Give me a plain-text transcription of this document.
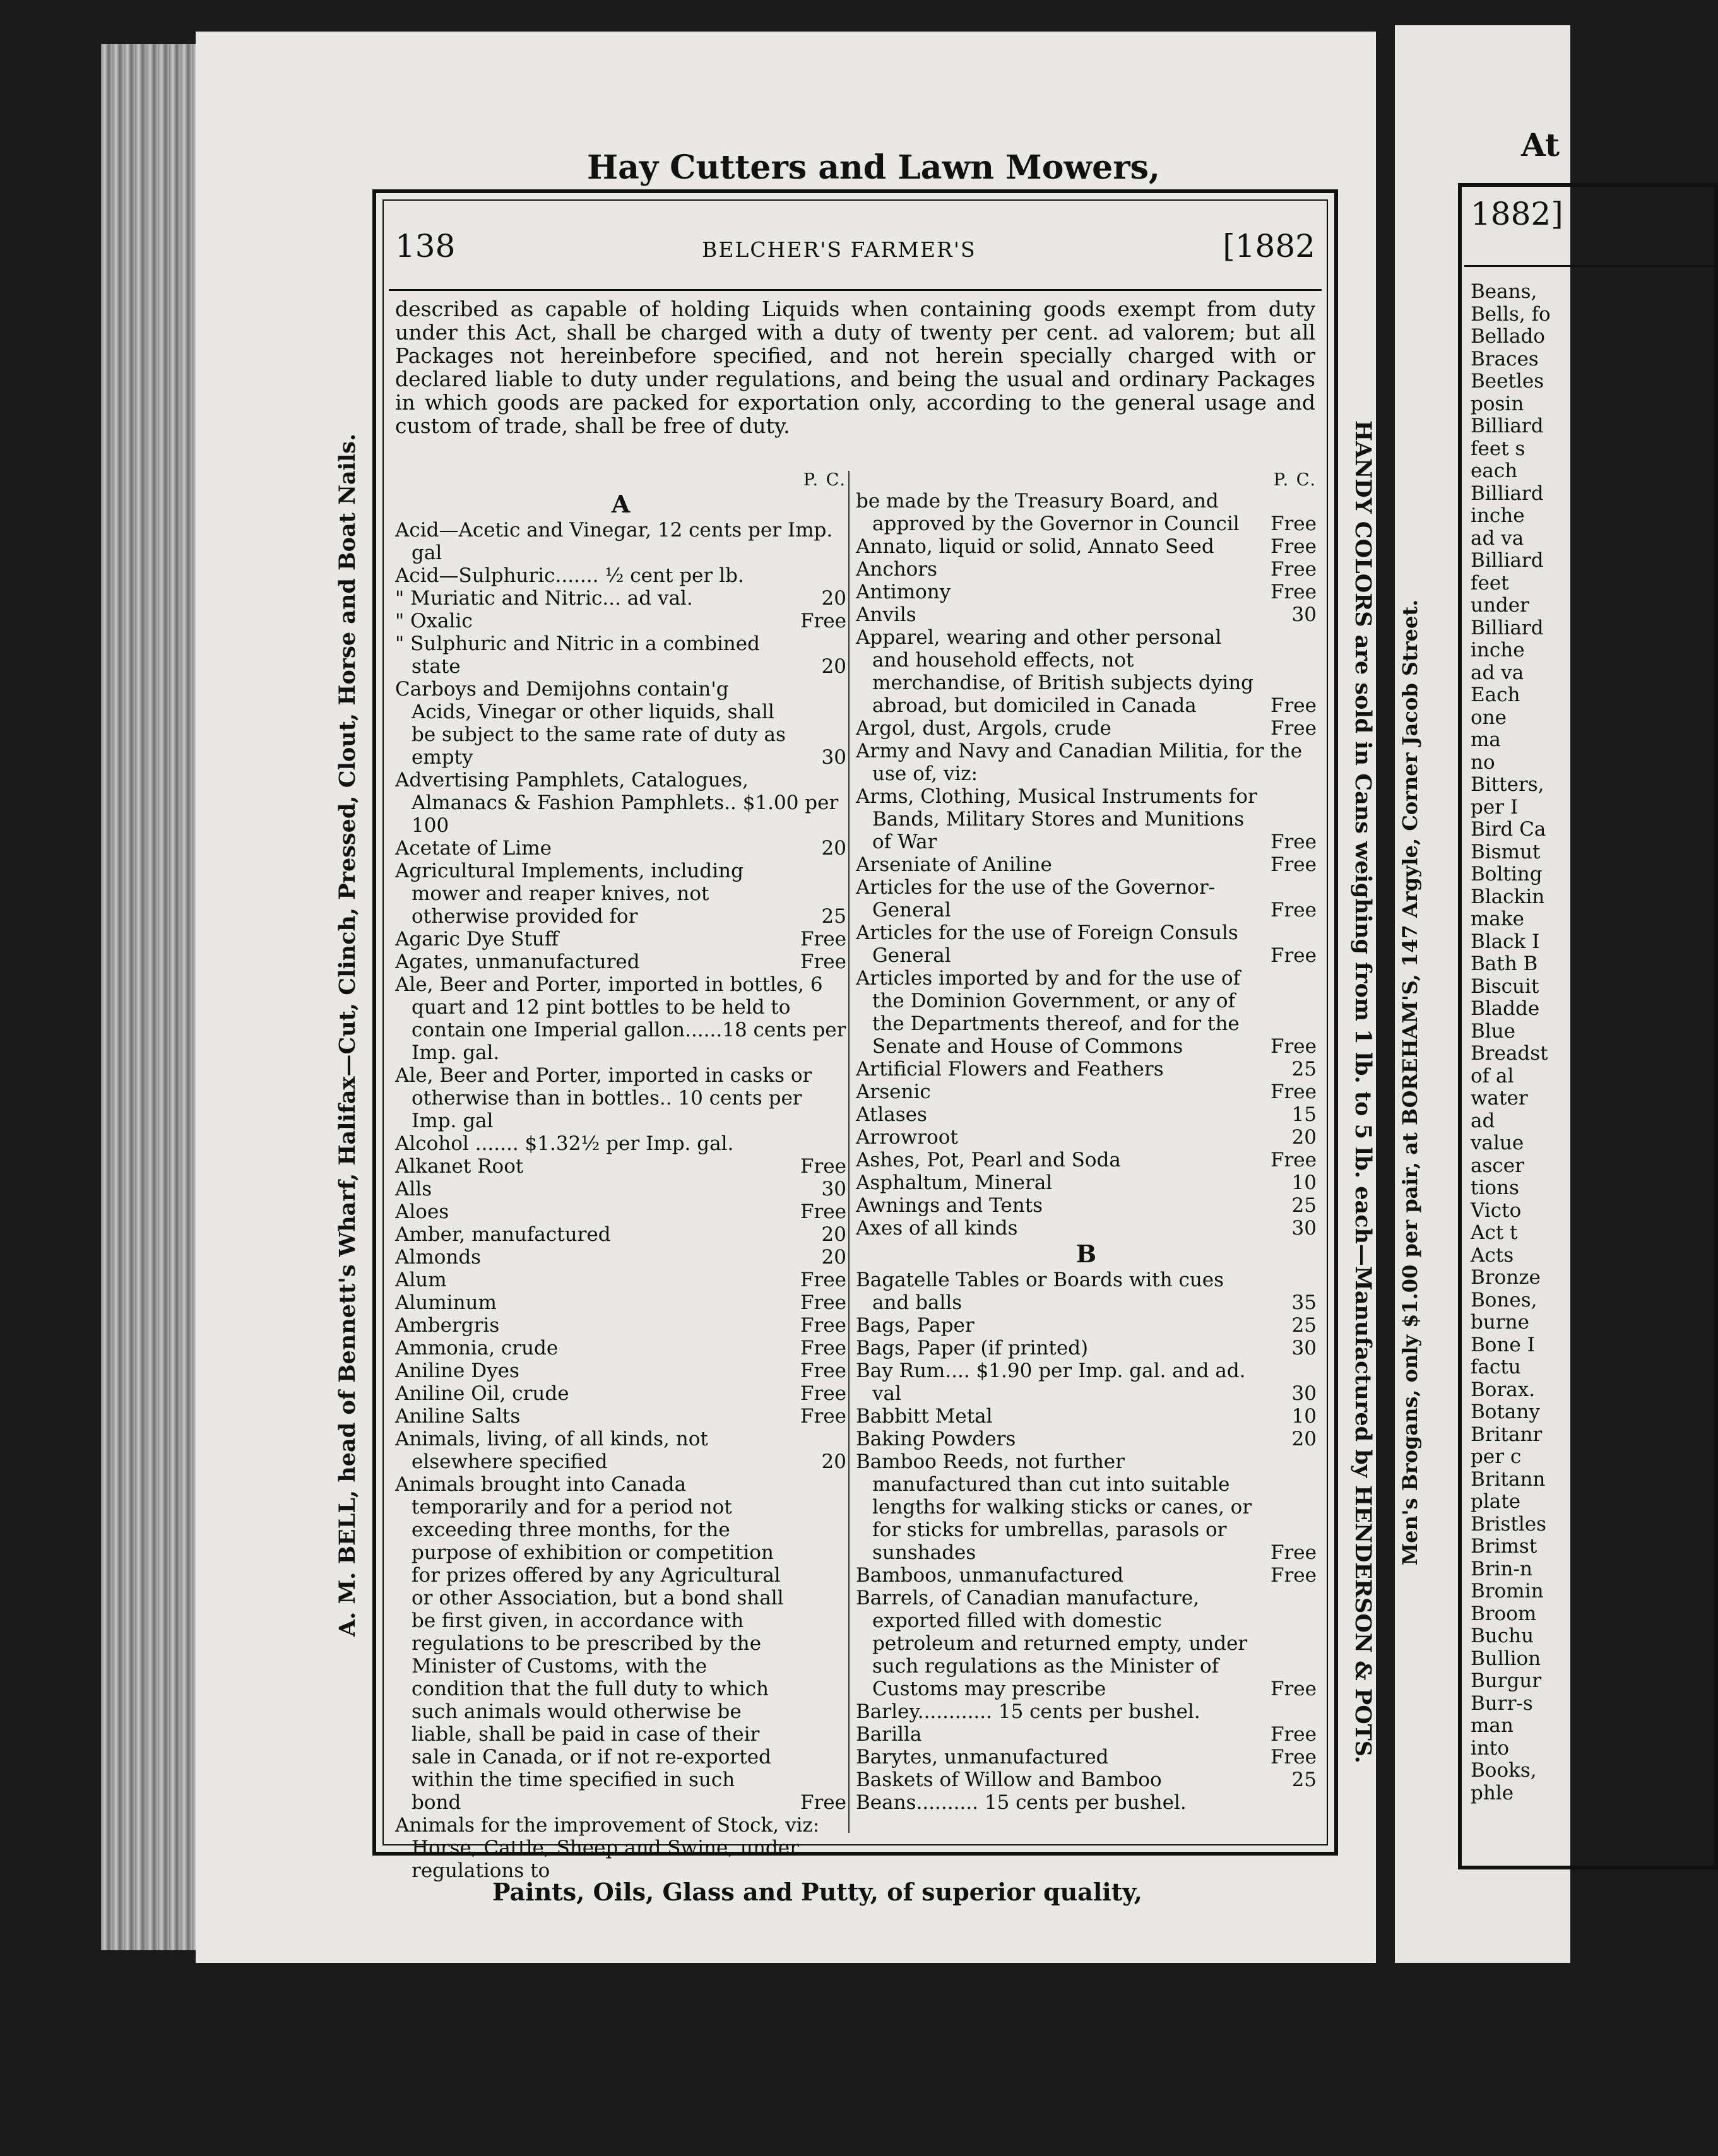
At
1882]
Beans,
Bells, fo
Bellado
Braces
Beetles
posin
Billiard
feet s
each
Billiard
inche
ad va
Billiard
feet
under
Billiard
inche
ad va
Each
one
ma
no
Bitters,
per I
Bird Ca
Bismut
Bolting
Blackin
make
Black I
Bath B
Biscuit
Bladde
Blue
Breadst
of al
water
ad
value
ascer
tions
Victo
Act t
Acts
Bronze
Bones,
burne
Bone I
factu
Borax.
Botany
Britanr
per c
Britann
plate
Bristles
Brimst
Brin-n
Bromin
Broom
Buchu
Bullion
Burgur
Burr-s
man
into
Books,
phle
Men's Brogans, only $1.00 per pair, at BOREHAM'S, 147 Argyle, Corner Jacob Street.
Hay Cutters and Lawn Mowers,
A. M. BELL, head of Bennett's Wharf, Halifax—Cut, Clinch, Pressed, Clout, Horse and Boat Nails.	HANDY COLORS are sold in Cans weighing from 1 lb. to 5 lb. each—Manufactured by HENDERSON & POTS.
138	BELCHER'S FARMER'S	[1882
described as capable of holding Liquids when containing goods exempt from duty under this Act, shall be charged with a duty of twenty per cent. ad valorem; but all Packages not hereinbefore specified, and not herein specially charged with or declared liable to duty under regulations, and being the usual and ordinary Packages in which goods are packed for exportation only, according to the general usage and custom of trade, shall be free of duty.
P. C.
A
Acid—Acetic and Vinegar, 12 cents per Imp. gal
Acid—Sulphuric....... ½ cent per lb.
" Muriatic and Nitric... ad val.	20
" Oxalic	Free
" Sulphuric and Nitric in a combined state	20
Carboys and Demijohns contain'g Acids, Vinegar or other liquids, shall be subject to the same rate of duty as empty	30
Advertising Pamphlets, Catalogues, Almanacs & Fashion Pamphlets.. $1.00 per 100
Acetate of Lime	20
Agricultural Implements, including mower and reaper knives, not otherwise provided for	25
Agaric Dye Stuff	Free
Agates, unmanufactured	Free
Ale, Beer and Porter, imported in bottles, 6 quart and 12 pint bottles to be held to contain one Imperial gallon......18 cents per Imp. gal.
Ale, Beer and Porter, imported in casks or otherwise than in bottles.. 10 cents per Imp. gal
Alcohol ....... $1.32½ per Imp. gal.
Alkanet Root	Free
Alls	30
Aloes	Free
Amber, manufactured	20
Almonds	20
Alum	Free
Aluminum	Free
Ambergris	Free
Ammonia, crude	Free
Aniline Dyes	Free
Aniline Oil, crude	Free
Aniline Salts	Free
Animals, living, of all kinds, not elsewhere specified	20
Animals brought into Canada temporarily and for a period not exceeding three months, for the purpose of exhibition or competition for prizes offered by any Agricultural or other Association, but a bond shall be first given, in accordance with regulations to be prescribed by the Minister of Customs, with the condition that the full duty to which such animals would otherwise be liable, shall be paid in case of their sale in Canada, or if not re-exported within the time specified in such bond	Free
Animals for the improvement of Stock, viz: Horse, Cattle, Sheep and Swine, under regulations to
P. C.
be made by the Treasury Board, and approved by the Governor in Council	Free
Annato, liquid or solid, Annato Seed	Free
Anchors	Free
Antimony	Free
Anvils	30
Apparel, wearing and other personal and household effects, not merchandise, of British subjects dying abroad, but domiciled in Canada	Free
Argol, dust, Argols, crude	Free
Army and Navy and Canadian Militia, for the use of, viz:
Arms, Clothing, Musical Instruments for Bands, Military Stores and Munitions of War	Free
Arseniate of Aniline	Free
Articles for the use of the Governor-General	Free
Articles for the use of Foreign Consuls General	Free
Articles imported by and for the use of the Dominion Government, or any of the Departments thereof, and for the Senate and House of Commons	Free
Artificial Flowers and Feathers	25
Arsenic	Free
Atlases	15
Arrowroot	20
Ashes, Pot, Pearl and Soda	Free
Asphaltum, Mineral	10
Awnings and Tents	25
Axes of all kinds	30
B
Bagatelle Tables or Boards with cues and balls	35
Bags, Paper	25
Bags, Paper (if printed)	30
Bay Rum.... $1.90 per Imp. gal. and ad. val	30
Babbitt Metal	10
Baking Powders	20
Bamboo Reeds, not further manufactured than cut into suitable lengths for walking sticks or canes, or for sticks for umbrellas, parasols or sunshades	Free
Bamboos, unmanufactured	Free
Barrels, of Canadian manufacture, exported filled with domestic petroleum and returned empty, under such regulations as the Minister of Customs may prescribe	Free
Barley............ 15 cents per bushel.
Barilla	Free
Barytes, unmanufactured	Free
Baskets of Willow and Bamboo	25
Beans.......... 15 cents per bushel.
Paints, Oils, Glass and Putty, of superior quality,
